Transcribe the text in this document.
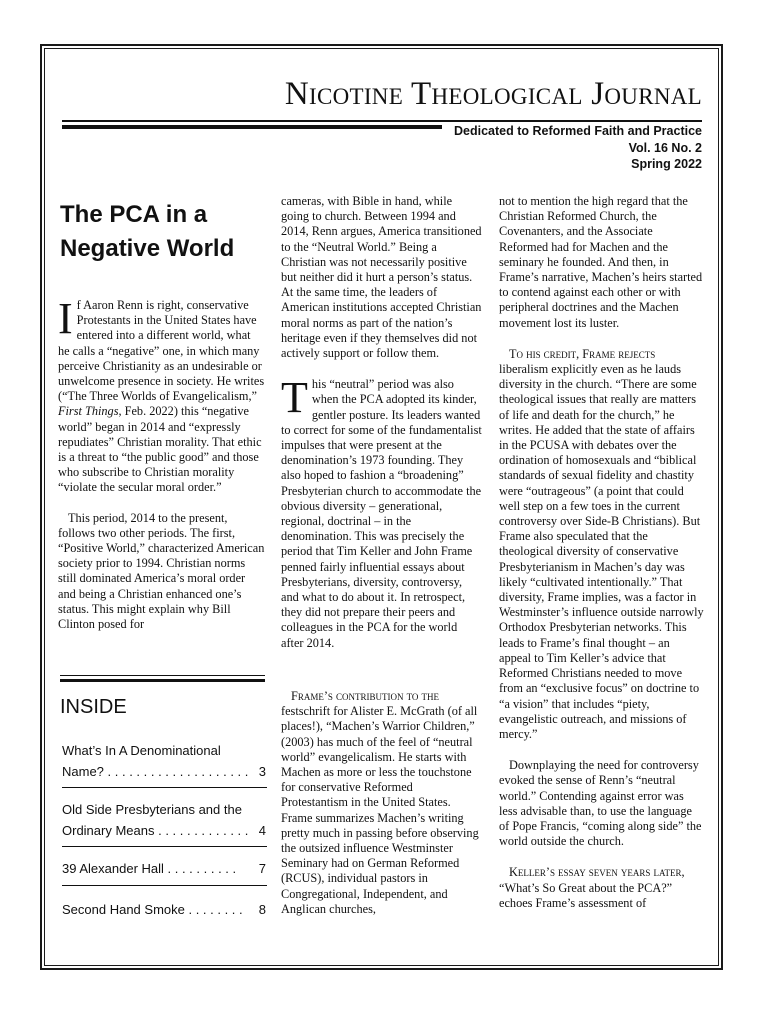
Nicotine Theological Journal
Dedicated to Reformed Faith and Practice
Vol. 16 No. 2
Spring 2022
The PCA in a
Negative World

If Aaron Renn is right, conservative Protestants in the United States have entered into a different world, what he calls a “negative” one, in which many perceive Christianity as an undesirable or unwelcome presence in society. He writes (“The Three Worlds of Evangelicalism,” First Things, Feb. 2022) this “negative world” began in 2014 and “expressly repudiates” Christian morality. That ethic is a threat to “the public good” and those who subscribe to Christian morality “violate the secular moral order.”

This period, 2014 to the present, follows two other periods. The first, “Positive World,” characterized American society prior to 1994. Christian norms still dominated America’s moral order and being a Christian enhanced one’s status. This might explain why Bill Clinton posed for

cameras, with Bible in hand, while going to church. Between 1994 and 2014, Renn argues, America transitioned to the “Neutral World.” Being a Christian was not necessarily positive but neither did it hurt a person’s status. At the same time, the leaders of American institutions accepted Christian moral norms as part of the nation’s heritage even if they themselves did not actively support or follow them.

This “neutral” period was also when the PCA adopted its kinder, gentler posture. Its leaders wanted to correct for some of the fundamentalist impulses that were present at the denomination’s 1973 founding. They also hoped to fashion a “broadening” Presbyterian church to accommodate the obvious diversity – generational, regional, doctrinal – in the denomination. This was precisely the period that Tim Keller and John Frame penned fairly influential essays about Presbyterians, diversity, controversy, and what to do about it. In retrospect, they did not prepare their peers and colleagues in the PCA for the world after 2014.

Frame’s contribution to the festschrift for Alister E. McGrath (of all places!), “Machen’s Warrior Children,” (2003) has much of the feel of “neutral world” evangelicalism. He starts with Machen as more or less the touchstone for conservative Reformed Protestantism in the United States. Frame summarizes Machen’s writing pretty much in passing before observing the outsized influence Westminster Seminary had on German Reformed (RCUS), individual pastors in Congregational, Independent, and Anglican churches,

not to mention the high regard that the Christian Reformed Church, the Covenanters, and the Associate Reformed had for Machen and the seminary he founded. And then, in Frame’s narrative, Machen’s heirs started to contend against each other or with peripheral doctrines and the Machen movement lost its luster.

To his credit, Frame rejects liberalism explicitly even as he lauds diversity in the church. “There are some theological issues that really are matters of life and death for the church,” he writes. He added that the state of affairs in the PCUSA with debates over the ordination of homosexuals and “biblical standards of sexual fidelity and chastity were “outrageous” (a point that could well step on a few toes in the current controversy over Side-B Christians). But Frame also speculated that the theological diversity of conservative Presbyterianism in Machen’s day was likely “cultivated intentionally.” That diversity, Frame implies, was a factor in Westminster’s influence outside narrowly Orthodox Presbyterian networks. This leads to Frame’s final thought – an appeal to Tim Keller’s advice that Reformed Christians needed to move from an “exclusive focus” on doctrine to “a vision” that includes “piety, evangelistic outreach, and missions of mercy.”

Downplaying the need for controversy evoked the sense of Renn’s “neutral world.” Contending against error was less advisable than, to use the language of Pope Francis, “coming along side” the world outside the church.

Keller’s essay seven years later, “What’s So Great about the PCA?” echoes Frame’s assessment of

INSIDE
What’s In A Denominational
Name? . . . . . . . . . . . . . . . . . . . . 3
Old Side Presbyterians and the
Ordinary Means . . . . . . . . . . . . . 4
39 Alexander Hall . . . . . . . . . . 7
Second Hand Smoke . . . . . . . . 8
